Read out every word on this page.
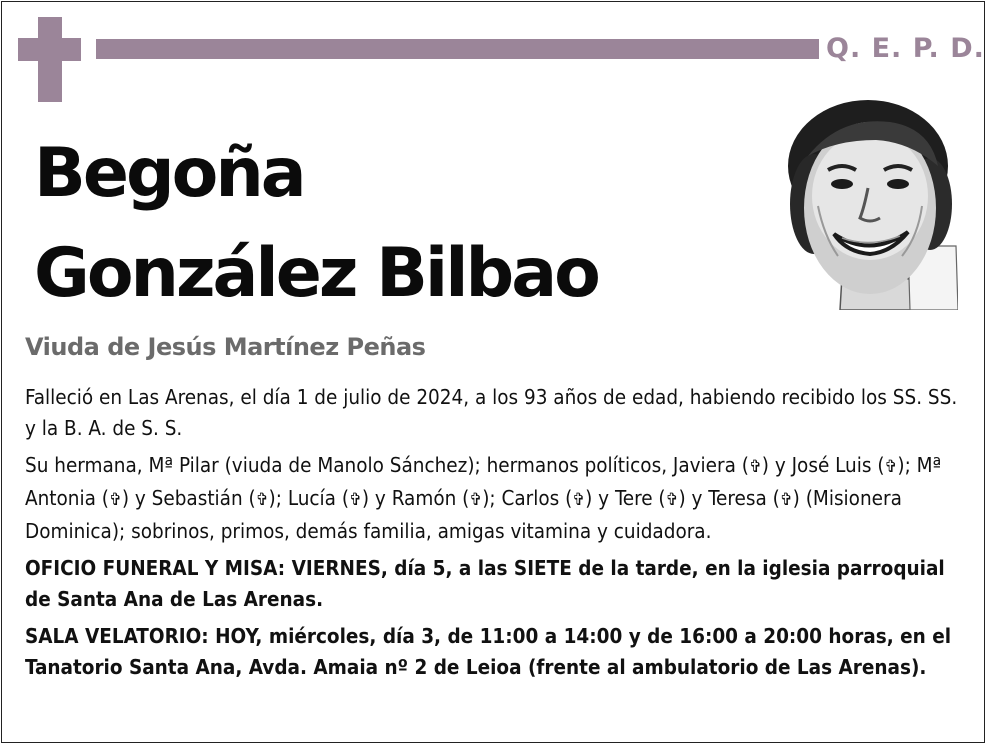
Q. E. P. D.
Begoña
González Bilbao
Viuda de Jesús Martínez Peñas

Falleció en Las Arenas, el día 1 de julio de 2024, a los 93 años de edad, habiendo recibido los SS. SS. y la B. A. de S. S.

Su hermana, Mª Pilar (viuda de Manolo Sánchez); hermanos políticos, Javiera (✞) y José Luis (✞); Mª Antonia (✞) y Sebastián (✞); Lucía (✞) y Ramón (✞); Carlos (✞) y Tere (✞) y Teresa (✞) (Misionera Dominica); sobrinos, primos, demás familia, amigas vitamina y cuidadora.

OFICIO FUNERAL Y MISA: VIERNES, día 5, a las SIETE de la tarde, en la iglesia parroquial de Santa Ana de Las Arenas.

SALA VELATORIO: HOY, miércoles, día 3, de 11:00 a 14:00 y de 16:00 a 20:00 horas, en el Tanatorio Santa Ana, Avda. Amaia nº 2 de Leioa (frente al ambulatorio de Las Arenas).
